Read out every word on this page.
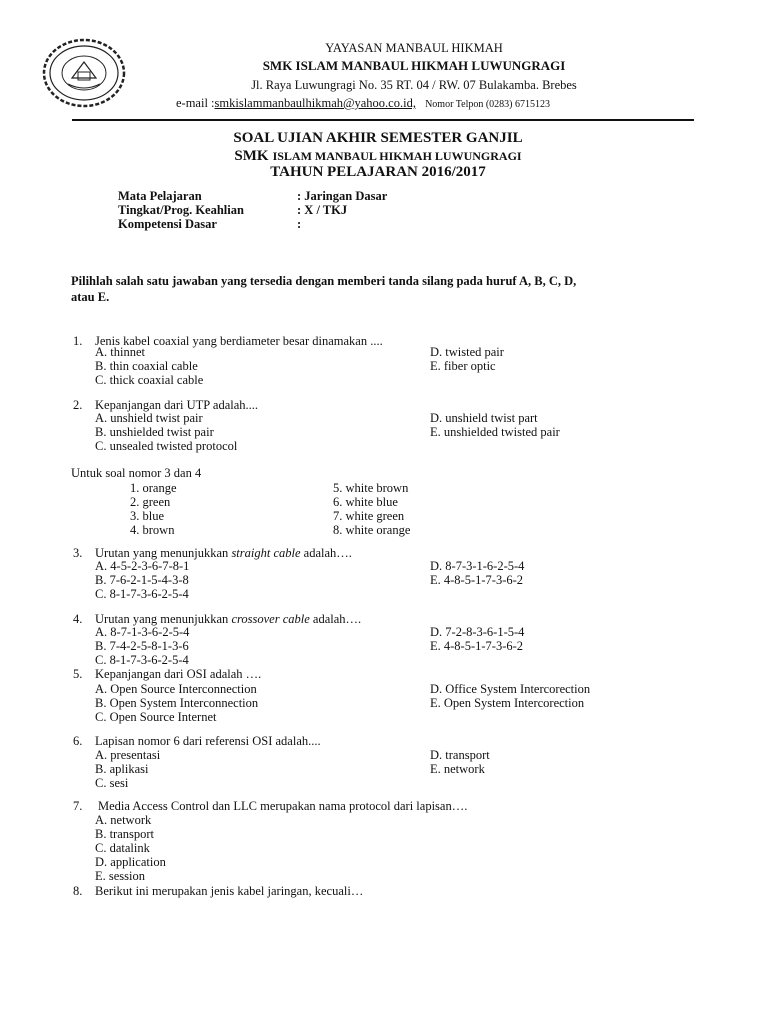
YAYASAN MANBAUL HIKMAH
SMK ISLAM MANBAUL HIKMAH LUWUNGRAGI
Jl. Raya Luwungragi No. 35 RT. 04 / RW. 07 Bulakamba. Brebes
e-mail :smkislammanbaulhikmah@yahoo.co.id, Nomor Telpon (0283) 6715123
SOAL UJIAN AKHIR SEMESTER GANJIL
SMK ISLAM MANBAUL HIKMAH LUWUNGRAGI
TAHUN PELAJARAN 2016/2017
Mata Pelajaran	: Jaringan Dasar
Tingkat/Prog. Keahlian	: X / TKJ
Kompetensi Dasar	:
Pilihlah salah satu jawaban yang tersedia dengan memberi tanda silang pada huruf A, B, C, D,
atau E.
1. Jenis kabel coaxial yang berdiameter besar dinamakan ....
A. thinnet
B. thin coaxial cable
C. thick coaxial cable
D. twisted pair
E. fiber optic
2. Kepanjangan dari UTP adalah....
A. unshield twist pair
B. unshielded twist pair
C. unsealed twisted protocol
D. unshield twist part
E. unshielded twisted pair
Untuk soal nomor 3 dan 4
1. orange
2. green
3. blue
4. brown
5. white brown
6. white blue
7. white green
8. white orange
3. Urutan yang menunjukkan straight cable adalah….
A. 4-5-2-3-6-7-8-1
B. 7-6-2-1-5-4-3-8
C. 8-1-7-3-6-2-5-4
D. 8-7-3-1-6-2-5-4
E. 4-8-5-1-7-3-6-2
4. Urutan yang menunjukkan crossover cable adalah….
A. 8-7-1-3-6-2-5-4
B. 7-4-2-5-8-1-3-6
C. 8-1-7-3-6-2-5-4
D. 7-2-8-3-6-1-5-4
E. 4-8-5-1-7-3-6-2
5. Kepanjangan dari OSI adalah ….
A. Open Source Interconnection
B. Open System Interconnection
C. Open Source Internet
D. Office System Intercorection
E. Open System Intercorection
6. Lapisan nomor 6 dari referensi OSI adalah....
A. presentasi
B. aplikasi
C. sesi
D. transport
E. network
7. Media Access Control dan LLC merupakan nama protocol dari lapisan….
A. network
B. transport
C. datalink
D. application
E. session
8. Berikut ini merupakan jenis kabel jaringan, kecuali…
